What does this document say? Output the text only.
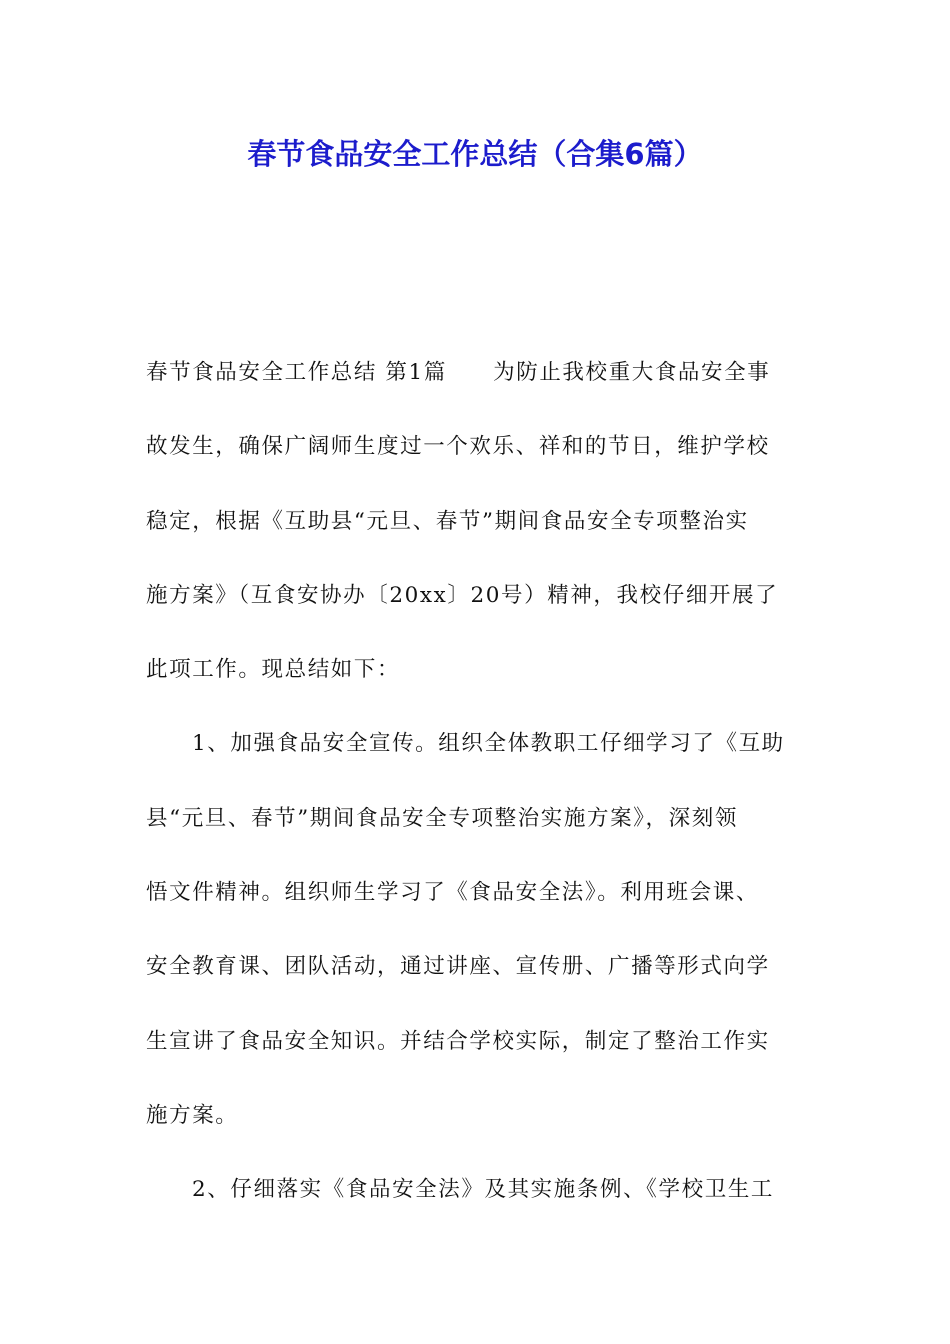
春节食品安全工作总结（合集6篇）
春节食品安全工作总结 第1篇　　为防止我校重大食品安全事
故发生，确保广阔师生度过一个欢乐、祥和的节日，维护学校
稳定，根据《互助县“元旦、春节”期间食品安全专项整治实
施方案》（互食安协办〔20xx〕20号）精神，我校仔细开展了
此项工作。现总结如下：
1、加强食品安全宣传。组织全体教职工仔细学习了《互助
县“元旦、春节”期间食品安全专项整治实施方案》，深刻领
悟文件精神。组织师生学习了《食品安全法》。利用班会课、
安全教育课、团队活动，通过讲座、宣传册、广播等形式向学
生宣讲了食品安全知识。并结合学校实际，制定了整治工作实
施方案。
2、仔细落实《食品安全法》及其实施条例、《学校卫生工
